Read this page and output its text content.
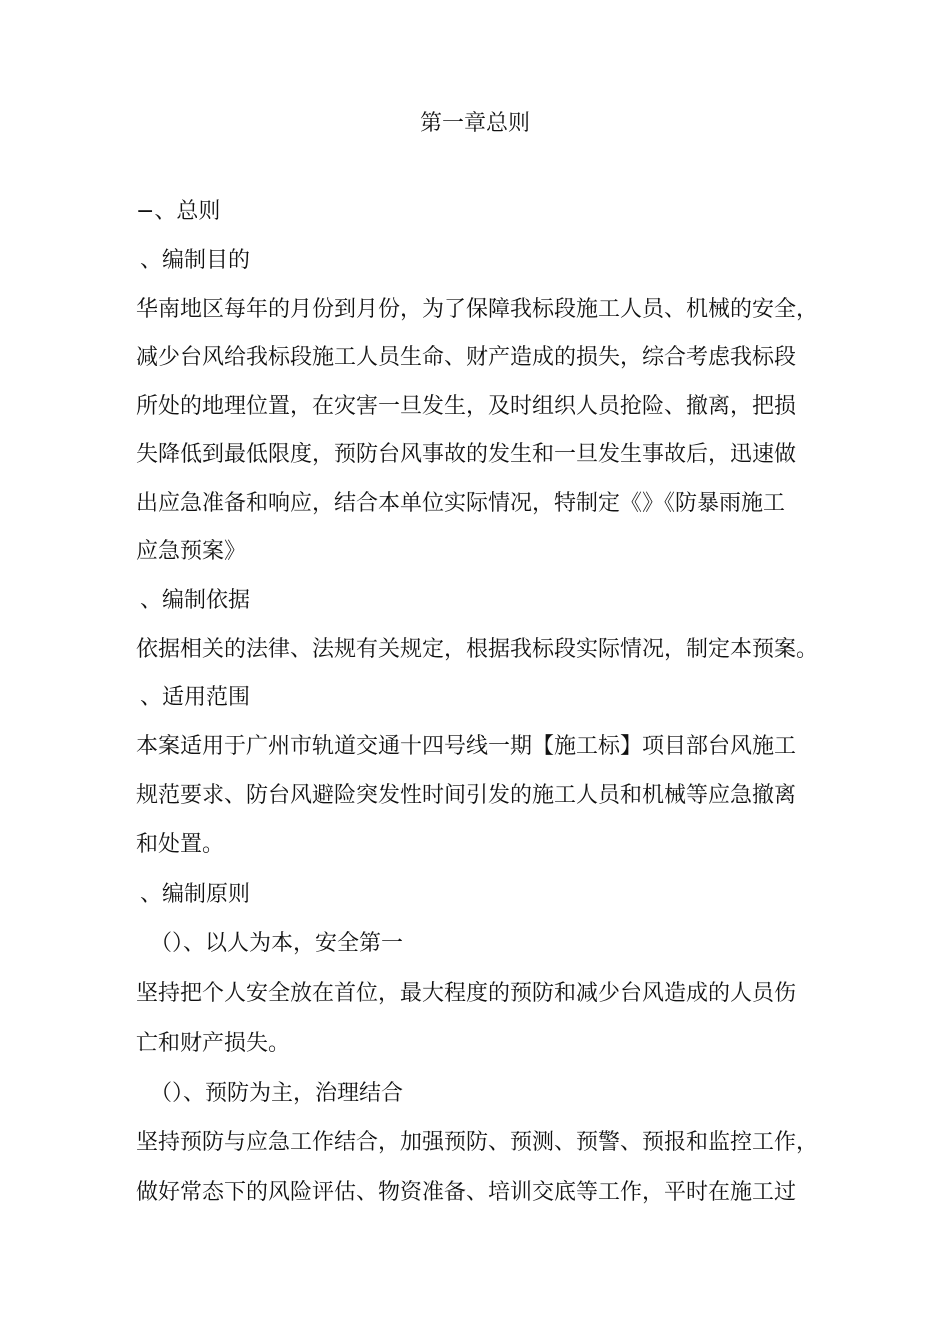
第一章总则
−、总则
、编制目的
华南地区每年的月份到月份，为了保障我标段施工人员、机械的安全，
减少台风给我标段施工人员生命、财产造成的损失，综合考虑我标段
所处的地理位置，在灾害一旦发生，及时组织人员抢险、撤离，把损
失降低到最低限度，预防台风事故的发生和一旦发生事故后，迅速做
出应急准备和响应，结合本单位实际情况，特制定《》《防暴雨施工
应急预案》
、编制依据
依据相关的法律、法规有关规定，根据我标段实际情况，制定本预案。
、适用范围
本案适用于广州市轨道交通十四号线一期【施工标】项目部台风施工
规范要求、防台风避险突发性时间引发的施工人员和机械等应急撤离
和处置。
、编制原则
（）、以人为本，安全第一
坚持把个人安全放在首位，最大程度的预防和减少台风造成的人员伤
亡和财产损失。
（）、预防为主，治理结合
坚持预防与应急工作结合，加强预防、预测、预警、预报和监控工作，
做好常态下的风险评估、物资准备、培训交底等工作，平时在施工过
